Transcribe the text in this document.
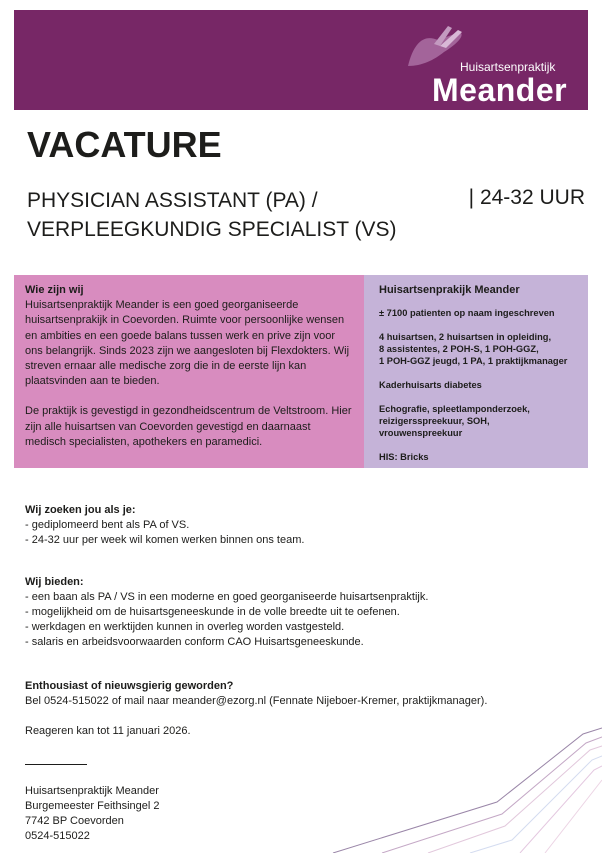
Huisartsenpraktijk
Meander
VACATURE
PHYSICIAN ASSISTANT (PA) /
VERPLEEGKUNDIG SPECIALIST (VS)
| 24-32 UUR
Wie zijn wij

Huisartsenpraktijk Meander is een goed georganiseerde huisartsenprakijk in Coevorden. Ruimte voor persoonlijke wensen en ambities en een goede balans tussen werk en prive zijn voor ons belangrijk. Sinds 2023 zijn we aangesloten bij Flexdokters. Wij streven ernaar alle medische zorg die in de eerste lijn kan plaatsvinden aan te bieden.

De praktijk is gevestigd in gezondheidscentrum de Veltstroom. Hier zijn alle huisartsen van Coevorden gevestigd en daarnaast medisch specialisten, apothekers en paramedici.

Huisartsenprakijk Meander

± 7100 patienten op naam ingeschreven

4 huisartsen, 2 huisartsen in opleiding,
8 assistentes, 2 POH-S, 1 POH-GGZ,
1 POH-GGZ jeugd, 1 PA, 1 praktijkmanager

Kaderhuisarts diabetes

Echografie, spleetlamponderzoek,
reizigersspreekuur, SOH, vrouwenspreekuur

HIS: Bricks

Wij zoeken jou als je:
- gediplomeerd bent als PA of VS.
- 24-32 uur per week wil komen werken binnen ons team.
Wij bieden:
- een baan als PA / VS in een moderne en goed georganiseerde huisartsenpraktijk.
- mogelijkheid om de huisartsgeneeskunde in de volle breedte uit te oefenen.
- werkdagen en werktijden kunnen in overleg worden vastgesteld.
- salaris en arbeidsvoorwaarden conform CAO Huisartsgeneeskunde.
Enthousiast of nieuwsgierig geworden?
Bel 0524-515022 of mail naar meander@ezorg.nl (Fennate Nijeboer-Kremer, praktijkmanager).
Reageren kan tot 11 januari 2026.
Huisartsenpraktijk Meander
Burgemeester Feithsingel 2
7742 BP Coevorden
0524-515022
